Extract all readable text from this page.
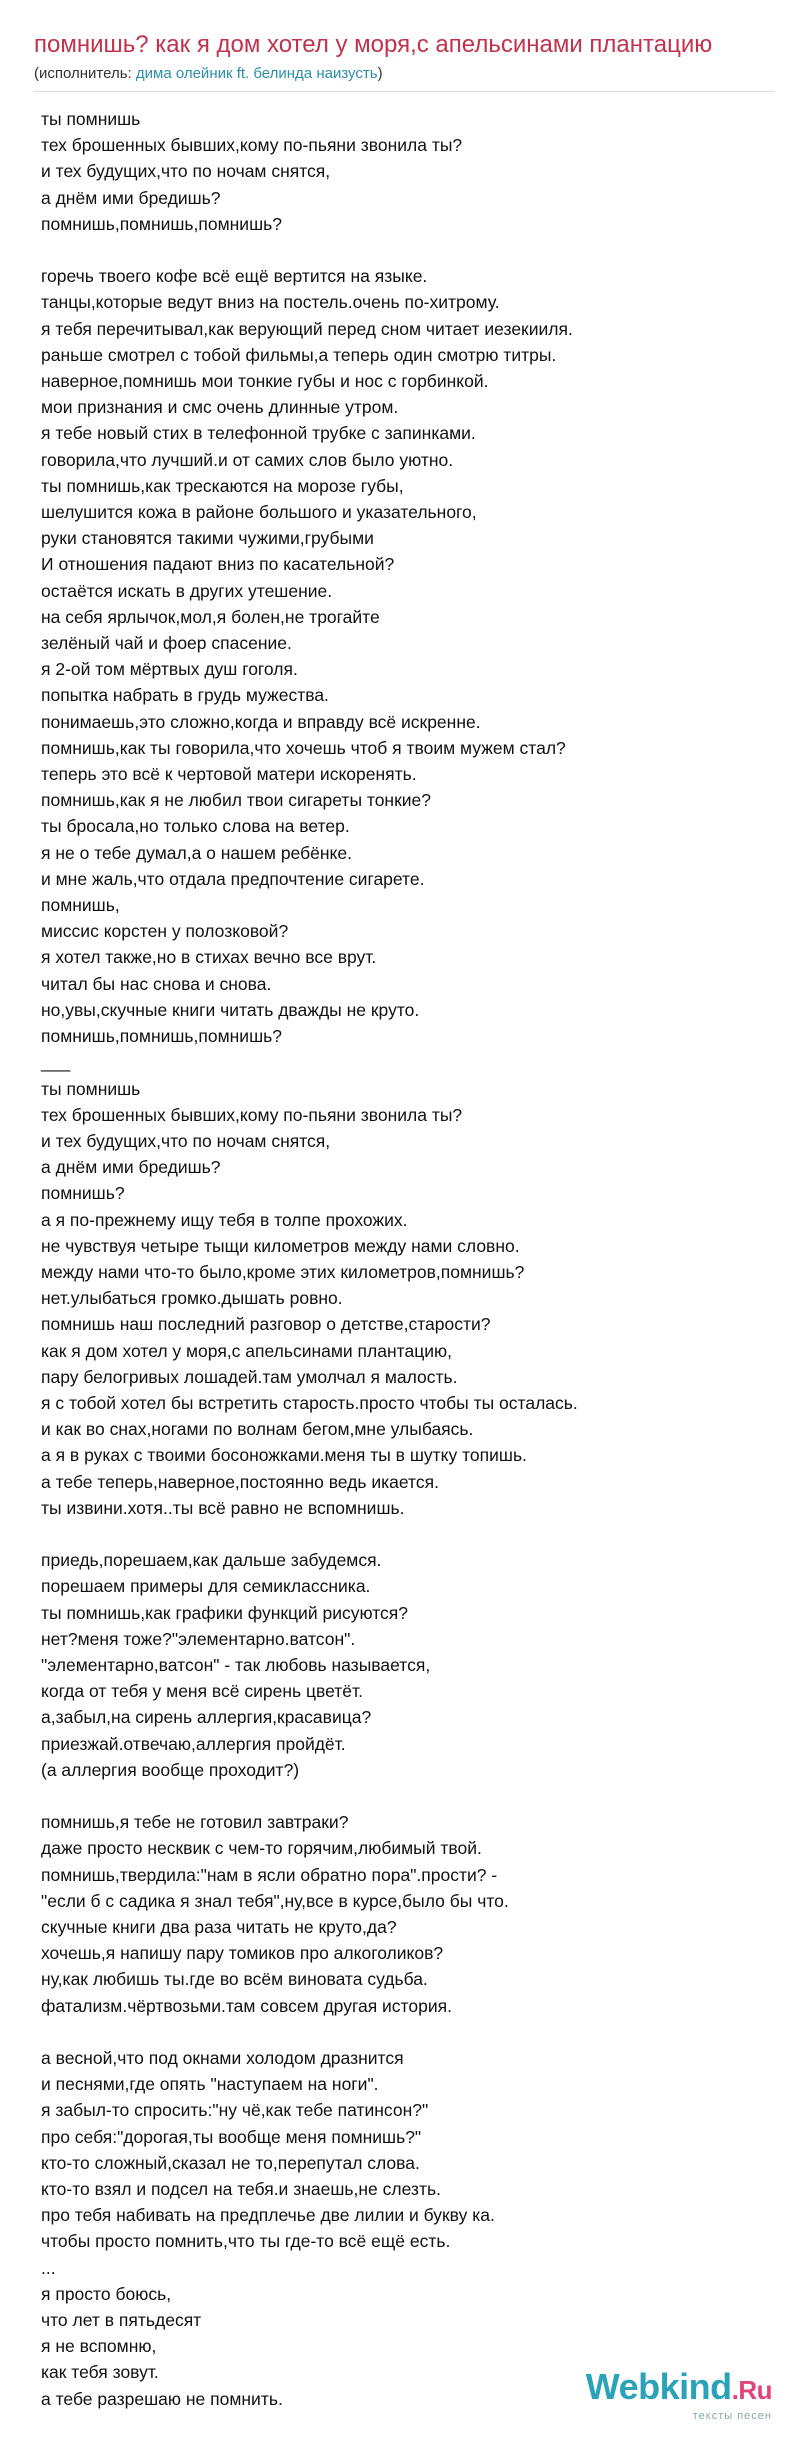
помнишь? как я дом хотел у моря,с апельсинами плантацию
(исполнитель: дима олейник ft. белинда наизусть)
ты помнишь
тех брошенных бывших,кому по-пьяни звонила ты?
и тех будущих,что по ночам снятся,
а днём ими бредишь?
помнишь,помнишь,помнишь?
горечь твоего кофе всё ещё вертится на языке.
танцы,которые ведут вниз на постель.очень по-хитрому.
я тебя перечитывал,как верующий перед сном читает иезекииля.
раньше смотрел с тобой фильмы,а теперь один смотрю титры.
наверное,помнишь мои тонкие губы и нос с горбинкой.
мои признания и смс очень длинные утром.
я тебе новый стих в телефонной трубке с запинками.
говорила,что лучший.и от самих слов было уютно.
ты помнишь,как трескаются на морозе губы,
шелушится кожа в районе большого и указательного,
руки становятся такими чужими,грубыми
И отношения падают вниз по касательной?
остаётся искать в других утешение.
на себя ярлычок,мол,я болен,не трогайте
зелёный чай и фоер спасение.
я 2-ой том мёртвых душ гоголя.
попытка набрать в грудь мужества.
понимаешь,это сложно,когда и вправду всё искренне.
помнишь,как ты говорила,что хочешь чтоб я твоим мужем стал?
теперь это всё к чертовой матери искоренять.
помнишь,как я не любил твои сигареты тонкие?
ты бросала,но только слова на ветер.
я не о тебе думал,а о нашем ребёнке.
и мне жаль,что отдала предпочтение сигарете.
помнишь,
миссис корстен у полозковой?
я хотел также,но в стихах вечно все врут.
читал бы нас снова и снова.
но,увы,скучные книги читать дважды не круто.
помнишь,помнишь,помнишь?
___
ты помнишь
тех брошенных бывших,кому по-пьяни звонила ты?
и тех будущих,что по ночам снятся,
а днём ими бредишь?
помнишь?
а я по-прежнему ищу тебя в толпе прохожих.
не чувствуя четыре тыщи километров между нами словно.
между нами что-то было,кроме этих километров,помнишь?
нет.улыбаться громко.дышать ровно.
помнишь наш последний разговор о детстве,старости?
как я дом хотел у моря,с апельсинами плантацию,
пару белогривых лошадей.там умолчал я малость.
я с тобой хотел бы встретить старость.просто чтобы ты осталась.
и как во снах,ногами по волнам бегом,мне улыбаясь.
а я в руках с твоими босоножками.меня ты в шутку топишь.
а тебе теперь,наверное,постоянно ведь икается.
ты извини.хотя..ты всё равно не вспомнишь.
приедь,порешаем,как дальше забудемся.
порешаем примеры для семиклассника.
ты помнишь,как графики функций рисуются?
нет?меня тоже?"элементарно.ватсон".
"элементарно,ватсон" - так любовь называется,
когда от тебя у меня всё сирень цветёт.
а,забыл,на сирень аллергия,красавица?
приезжай.отвечаю,аллергия пройдёт.
(а аллергия вообще проходит?)
помнишь,я тебе не готовил завтраки?
даже просто несквик с чем-то горячим,любимый твой.
помнишь,твердила:"нам в ясли обратно пора".прости? -
"если б с садика я знал тебя",ну,все в курсе,было бы что.
скучные книги два раза читать не круто,да?
хочешь,я напишу пару томиков про алкоголиков?
ну,как любишь ты.где во всём виновата судьба.
фатализм.чёртвозьми.там совсем другая история.
а весной,что под окнами холодом дразнится
и песнями,где опять "наступаем на ноги".
я забыл-то спросить:"ну чё,как тебе патинсон?"
про себя:"дорогая,ты вообще меня помнишь?"
кто-то сложный,сказал не то,перепутал слова.
кто-то взял и подсел на тебя.и знаешь,не слезть.
про тебя набивать на предплечье две лилии и букву ка.
чтобы просто помнить,что ты где-то всё ещё есть.
...
я просто боюсь,
что лет в пятьдесят
я не вспомню,
как тебя зовут.
а тебе разрешаю не помнить.	Webkind.Ru
тексты песен
